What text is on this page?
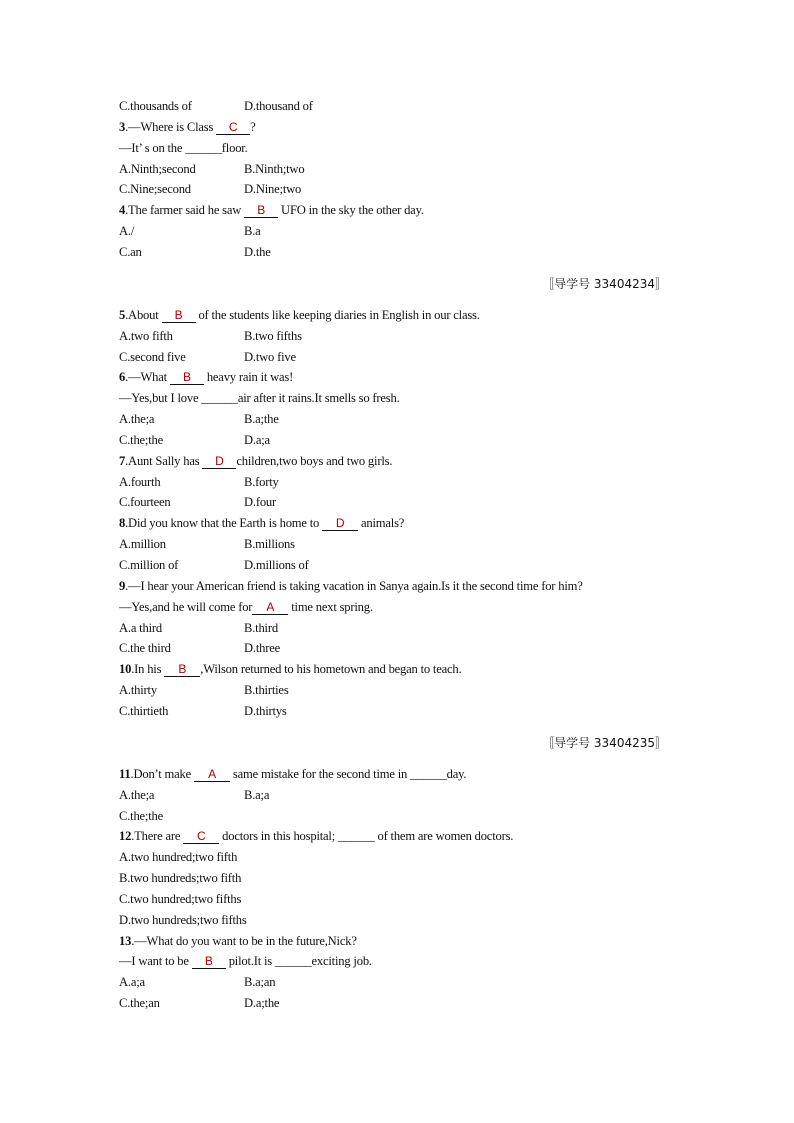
C.thousands of	D.thousand of
3.—Where is Class C ?
—It’ s on the ______floor.
A.Ninth;second	B.Ninth;two
C.Nine;second	D.Nine;two
4.The farmer said he saw B UFO in the sky the other day.
A./	B.a
C.an	D.the
〚导学号 33404234〛
5.About B of the students like keeping diaries in English in our class.
A.two fifth	B.two fifths
C.second five	D.two five
6.—What B heavy rain it was!
—Yes,but I love ______air after it rains.It smells so fresh.
A.the;a	B.a;the
C.the;the	D.a;a
7.Aunt Sally has D children,two boys and two girls.
A.fourth	B.forty
C.fourteen	D.four
8.Did you know that the Earth is home to D animals?
A.million	B.millions
C.million of	D.millions of
9.—I hear your American friend is taking vacation in Sanya again.Is it the second time for him?
—Yes,and he will come for A time next spring.
A.a third	B.third
C.the third	D.three
10.In his B ,Wilson returned to his hometown and began to teach.
A.thirty	B.thirties
C.thirtieth	D.thirtys
〚导学号 33404235〛
11.Don’t make A same mistake for the second time in ______day.
A.the;a	B.a;a
C.the;the
12.There are C doctors in this hospital; ______ of them are women doctors.
A.two hundred;two fifth
B.two hundreds;two fifth
C.two hundred;two fifths
D.two hundreds;two fifths
13.—What do you want to be in the future,Nick?
—I want to be B pilot.It is ______exciting job.
A.a;a	B.a;an
C.the;an	D.a;the
